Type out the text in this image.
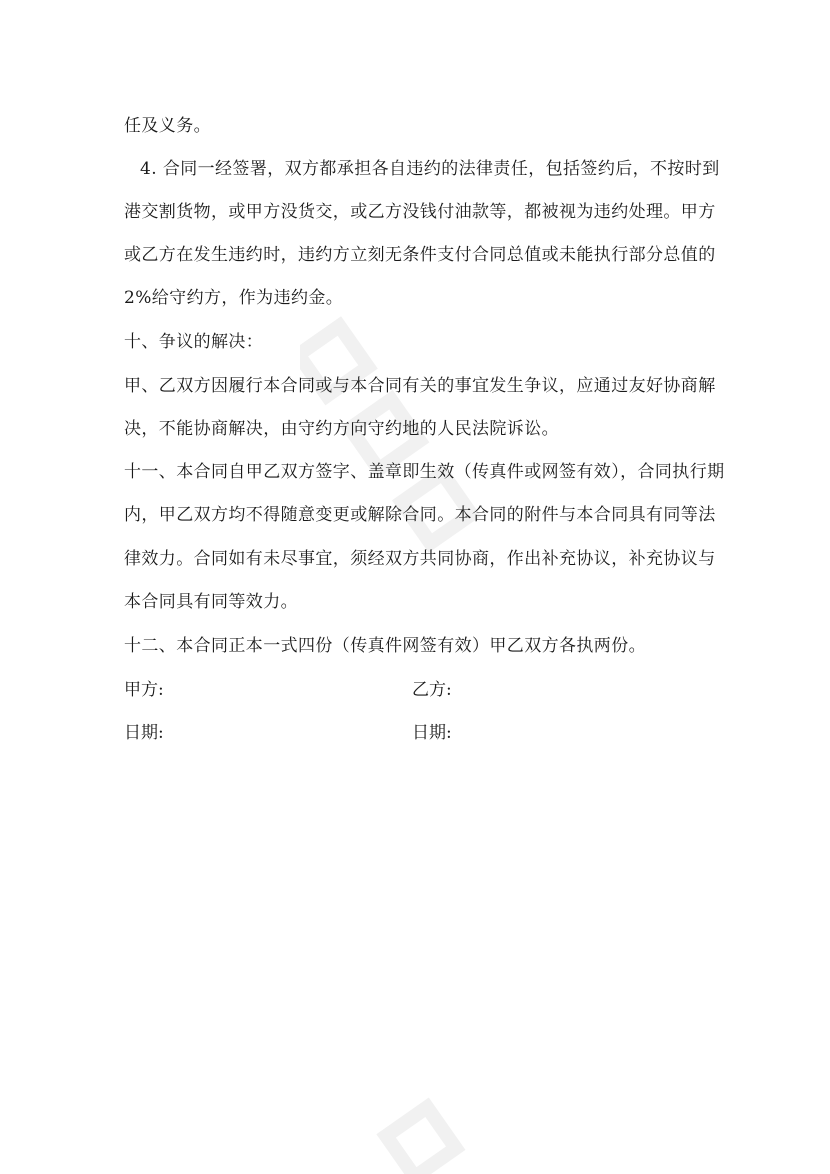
任及义务。
4. 合同一经签署，双方都承担各自违约的法律责任，包括签约后，不按时到
港交割货物，或甲方没货交，或乙方没钱付油款等，都被视为违约处理。甲方
或乙方在发生违约时，违约方立刻无条件支付合同总值或未能执行部分总值的
2%给守约方，作为违约金。
十、争议的解决：
甲、乙双方因履行本合同或与本合同有关的事宜发生争议，应通过友好协商解
决，不能协商解决，由守约方向守约地的人民法院诉讼。
十一、本合同自甲乙双方签字、盖章即生效（传真件或网签有效），合同执行期
内，甲乙双方均不得随意变更或解除合同。本合同的附件与本合同具有同等法
律效力。合同如有未尽事宜，须经双方共同协商，作出补充协议，补充协议与
本合同具有同等效力。
十二、本合同正本一式四份（传真件网签有效）甲乙双方各执两份。
甲方:	乙方:
日期:	日期:
